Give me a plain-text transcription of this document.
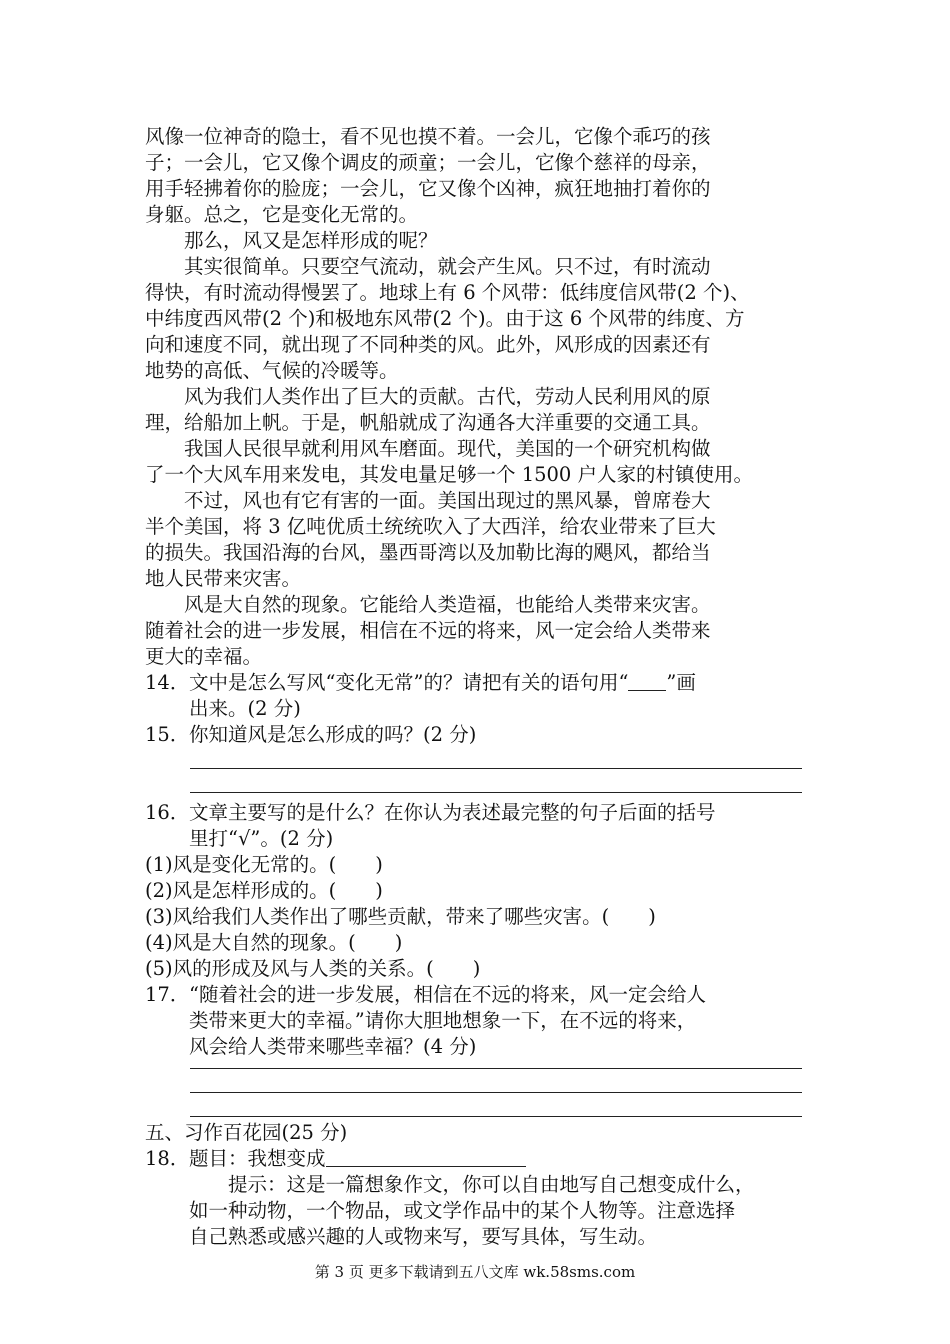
风像一位神奇的隐士，看不见也摸不着。一会儿，它像个乖巧的孩
子；一会儿，它又像个调皮的顽童；一会儿，它像个慈祥的母亲，
用手轻拂着你的脸庞；一会儿，它又像个凶神，疯狂地抽打着你的
身躯。总之，它是变化无常的。
那么，风又是怎样形成的呢？
其实很简单。只要空气流动，就会产生风。只不过，有时流动
得快，有时流动得慢罢了。地球上有 6 个风带：低纬度信风带(2 个)、
中纬度西风带(2 个)和极地东风带(2 个)。由于这 6 个风带的纬度、方
向和速度不同，就出现了不同种类的风。此外，风形成的因素还有
地势的高低、气候的冷暖等。
风为我们人类作出了巨大的贡献。古代，劳动人民利用风的原
理，给船加上帆。于是，帆船就成了沟通各大洋重要的交通工具。
我国人民很早就利用风车磨面。现代，美国的一个研究机构做
了一个大风车用来发电，其发电量足够一个 1500 户人家的村镇使用。
不过，风也有它有害的一面。美国出现过的黑风暴，曾席卷大
半个美国，将 3 亿吨优质土统统吹入了大西洋，给农业带来了巨大
的损失。我国沿海的台风，墨西哥湾以及加勒比海的飓风，都给当
地人民带来灾害。
风是大自然的现象。它能给人类造福，也能给人类带来灾害。
随着社会的进一步发展，相信在不远的将来，风一定会给人类带来
更大的幸福。
14．文中是怎么写风“变化无常”的？请把有关的语句用“ ”画
出来。(2 分)
15．你知道风是怎么形成的吗？(2 分)
16．文章主要写的是什么？在你认为表述最完整的句子后面的括号
里打“√”。(2 分)
(1)风是变化无常的。(　　)
(2)风是怎样形成的。(　　)
(3)风给我们人类作出了哪些贡献，带来了哪些灾害。(　　)
(4)风是大自然的现象。(　　)
(5)风的形成及风与人类的关系。(　　)
17．“随着社会的进一步发展，相信在不远的将来，风一定会给人
类带来更大的幸福。”请你大胆地想象一下，在不远的将来，
风会给人类带来哪些幸福？(4 分)
五、习作百花园(25 分)
18．题目：我想变成
提示：这是一篇想象作文，你可以自由地写自己想变成什么，
如一种动物，一个物品，或文学作品中的某个人物等。注意选择
自己熟悉或感兴趣的人或物来写，要写具体，写生动。
第 3 页 更多下载请到五八文库 wk.58sms.com
